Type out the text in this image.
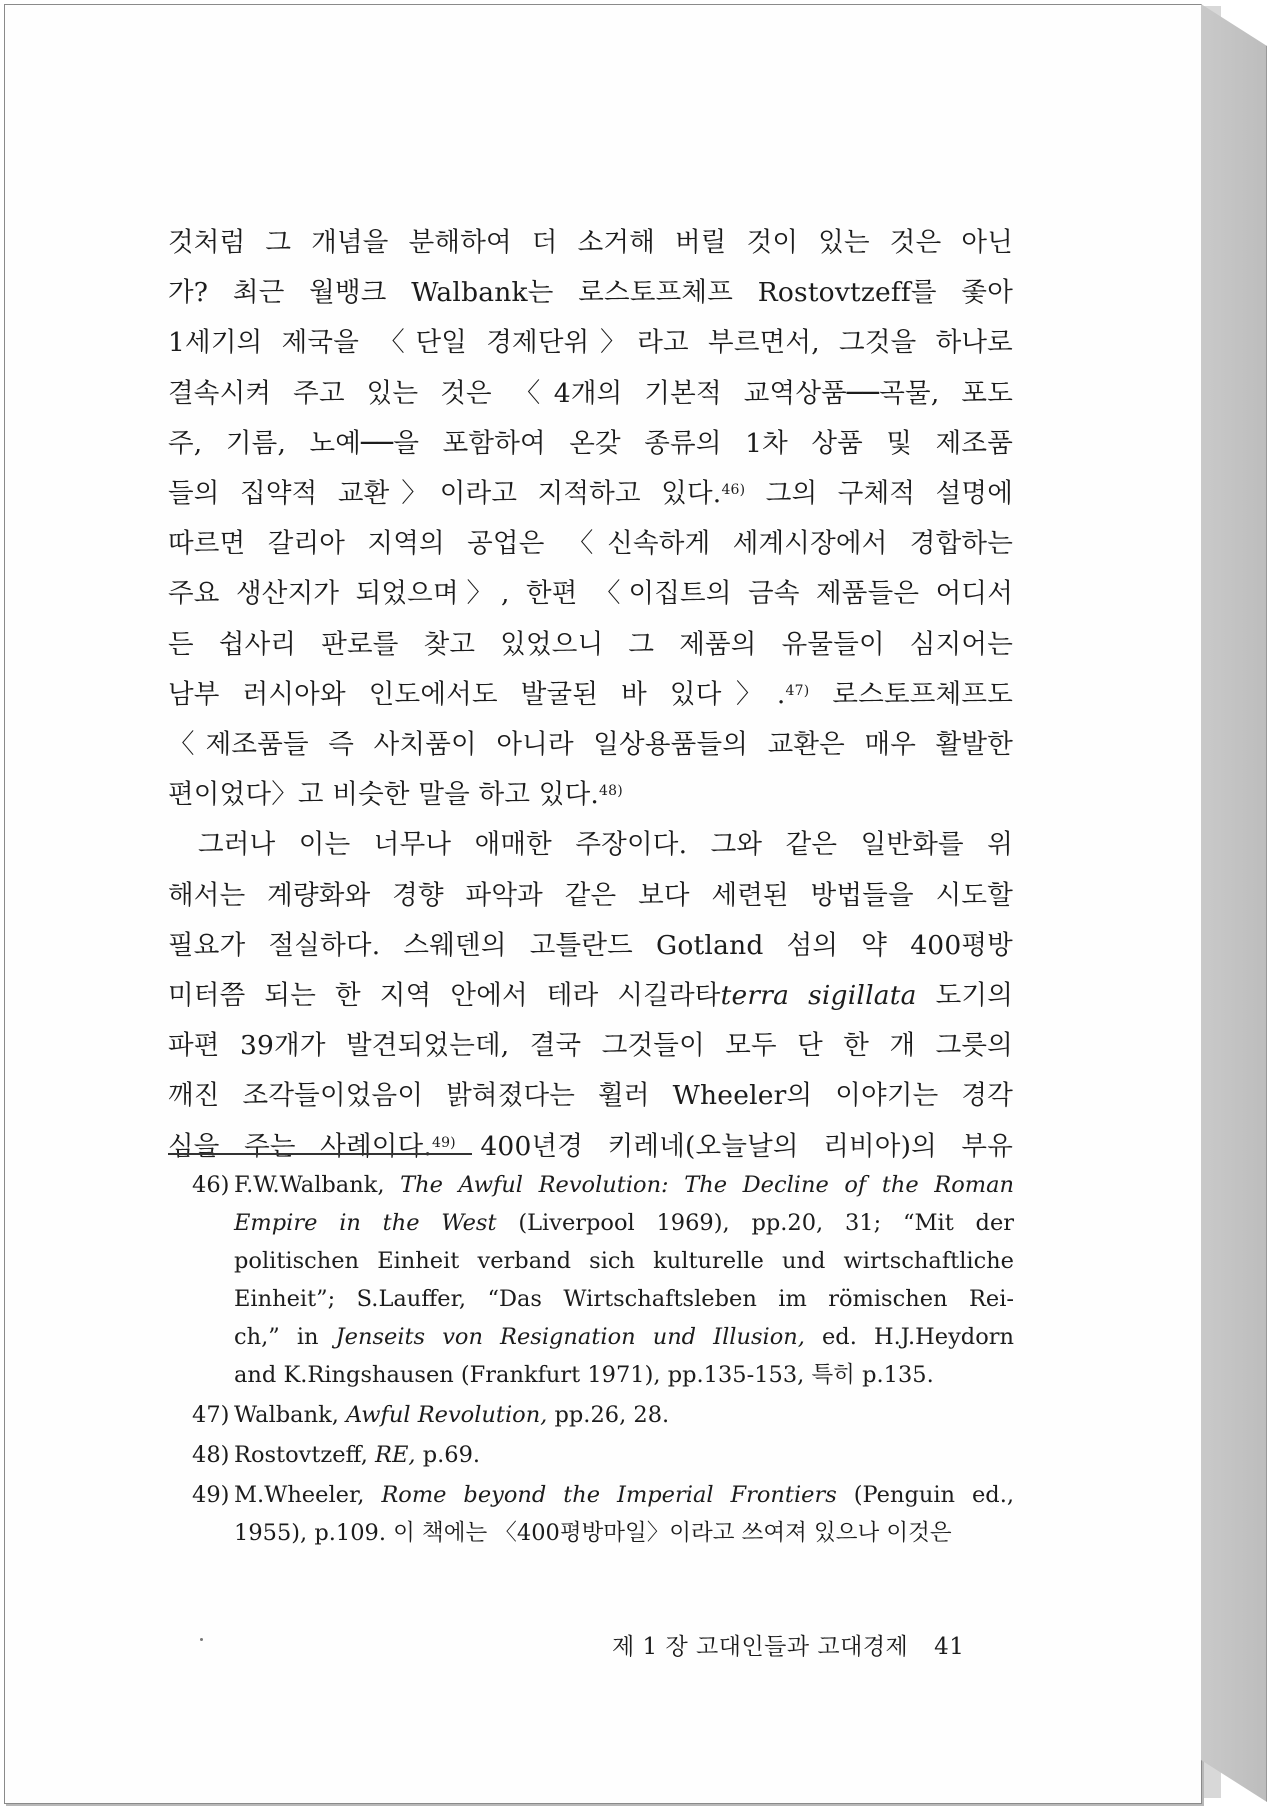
것처럼 그 개념을 분해하여 더 소거해 버릴 것이 있는 것은 아닌
가? 최근 월뱅크 Walbank는 로스토프체프 Rostovtzeff를 좇아
1세기의 제국을 〈단일 경제단위〉라고 부르면서, 그것을 하나로
결속시켜 주고 있는 것은 〈4개의 기본적 교역상품──곡물, 포도
주, 기름, 노예──을 포함하여 온갖 종류의 1차 상품 및 제조품
들의 집약적 교환〉이라고 지적하고 있다.$^{46)}$ 그의 구체적 설명에
따르면 갈리아 지역의 공업은 〈신속하게 세계시장에서 경합하는
주요 생산지가 되었으며〉, 한편 〈이집트의 금속 제품들은 어디서
든 쉽사리 판로를 찾고 있었으니 그 제품의 유물들이 심지어는
남부 러시아와 인도에서도 발굴된 바 있다〉.$^{47)}$ 로스토프체프도
〈제조품들 즉 사치품이 아니라 일상용품들의 교환은 매우 활발한
편이었다〉고 비슷한 말을 하고 있다.$^{48)}$

그러나 이는 너무나 애매한 주장이다. 그와 같은 일반화를 위
해서는 계량화와 경향 파악과 같은 보다 세련된 방법들을 시도할
필요가 절실하다. 스웨덴의 고틀란드 Gotland 섬의 약 400평방
미터쯤 되는 한 지역 안에서 테라 시길라타terra sigillata 도기의
파편 39개가 발견되었는데, 결국 그것들이 모두 단 한 개 그릇의
깨진 조각들이었음이 밝혀졌다는 휠러 Wheeler의 이야기는 경각
심을 주는 사례이다.$^{49)}$ 400년경 키레네(오늘날의 리비아)의 부유

46) F.W.Walbank, The Awful Revolution: The Decline of the Roman
Empire in the West (Liverpool 1969), pp.20, 31; “Mit der
politischen Einheit verband sich kulturelle und wirtschaftliche
Einheit”; S.Lauffer, “Das Wirtschaftsleben im römischen Rei-
ch,” in Jenseits von Resignation und Illusion, ed. H.J.Heydorn
and K.Ringshausen (Frankfurt 1971), pp.135-153, 특히 p.135.
47) Walbank, Awful Revolution, pp.26, 28.
48) Rostovtzeff, RE, p.69.
49) M.Wheeler, Rome beyond the Imperial Frontiers (Penguin ed.,
1955), p.109. 이 책에는 〈400평방마일〉이라고 쓰여져 있으나 이것은
제 1 장 고대인들과 고대경제 41
